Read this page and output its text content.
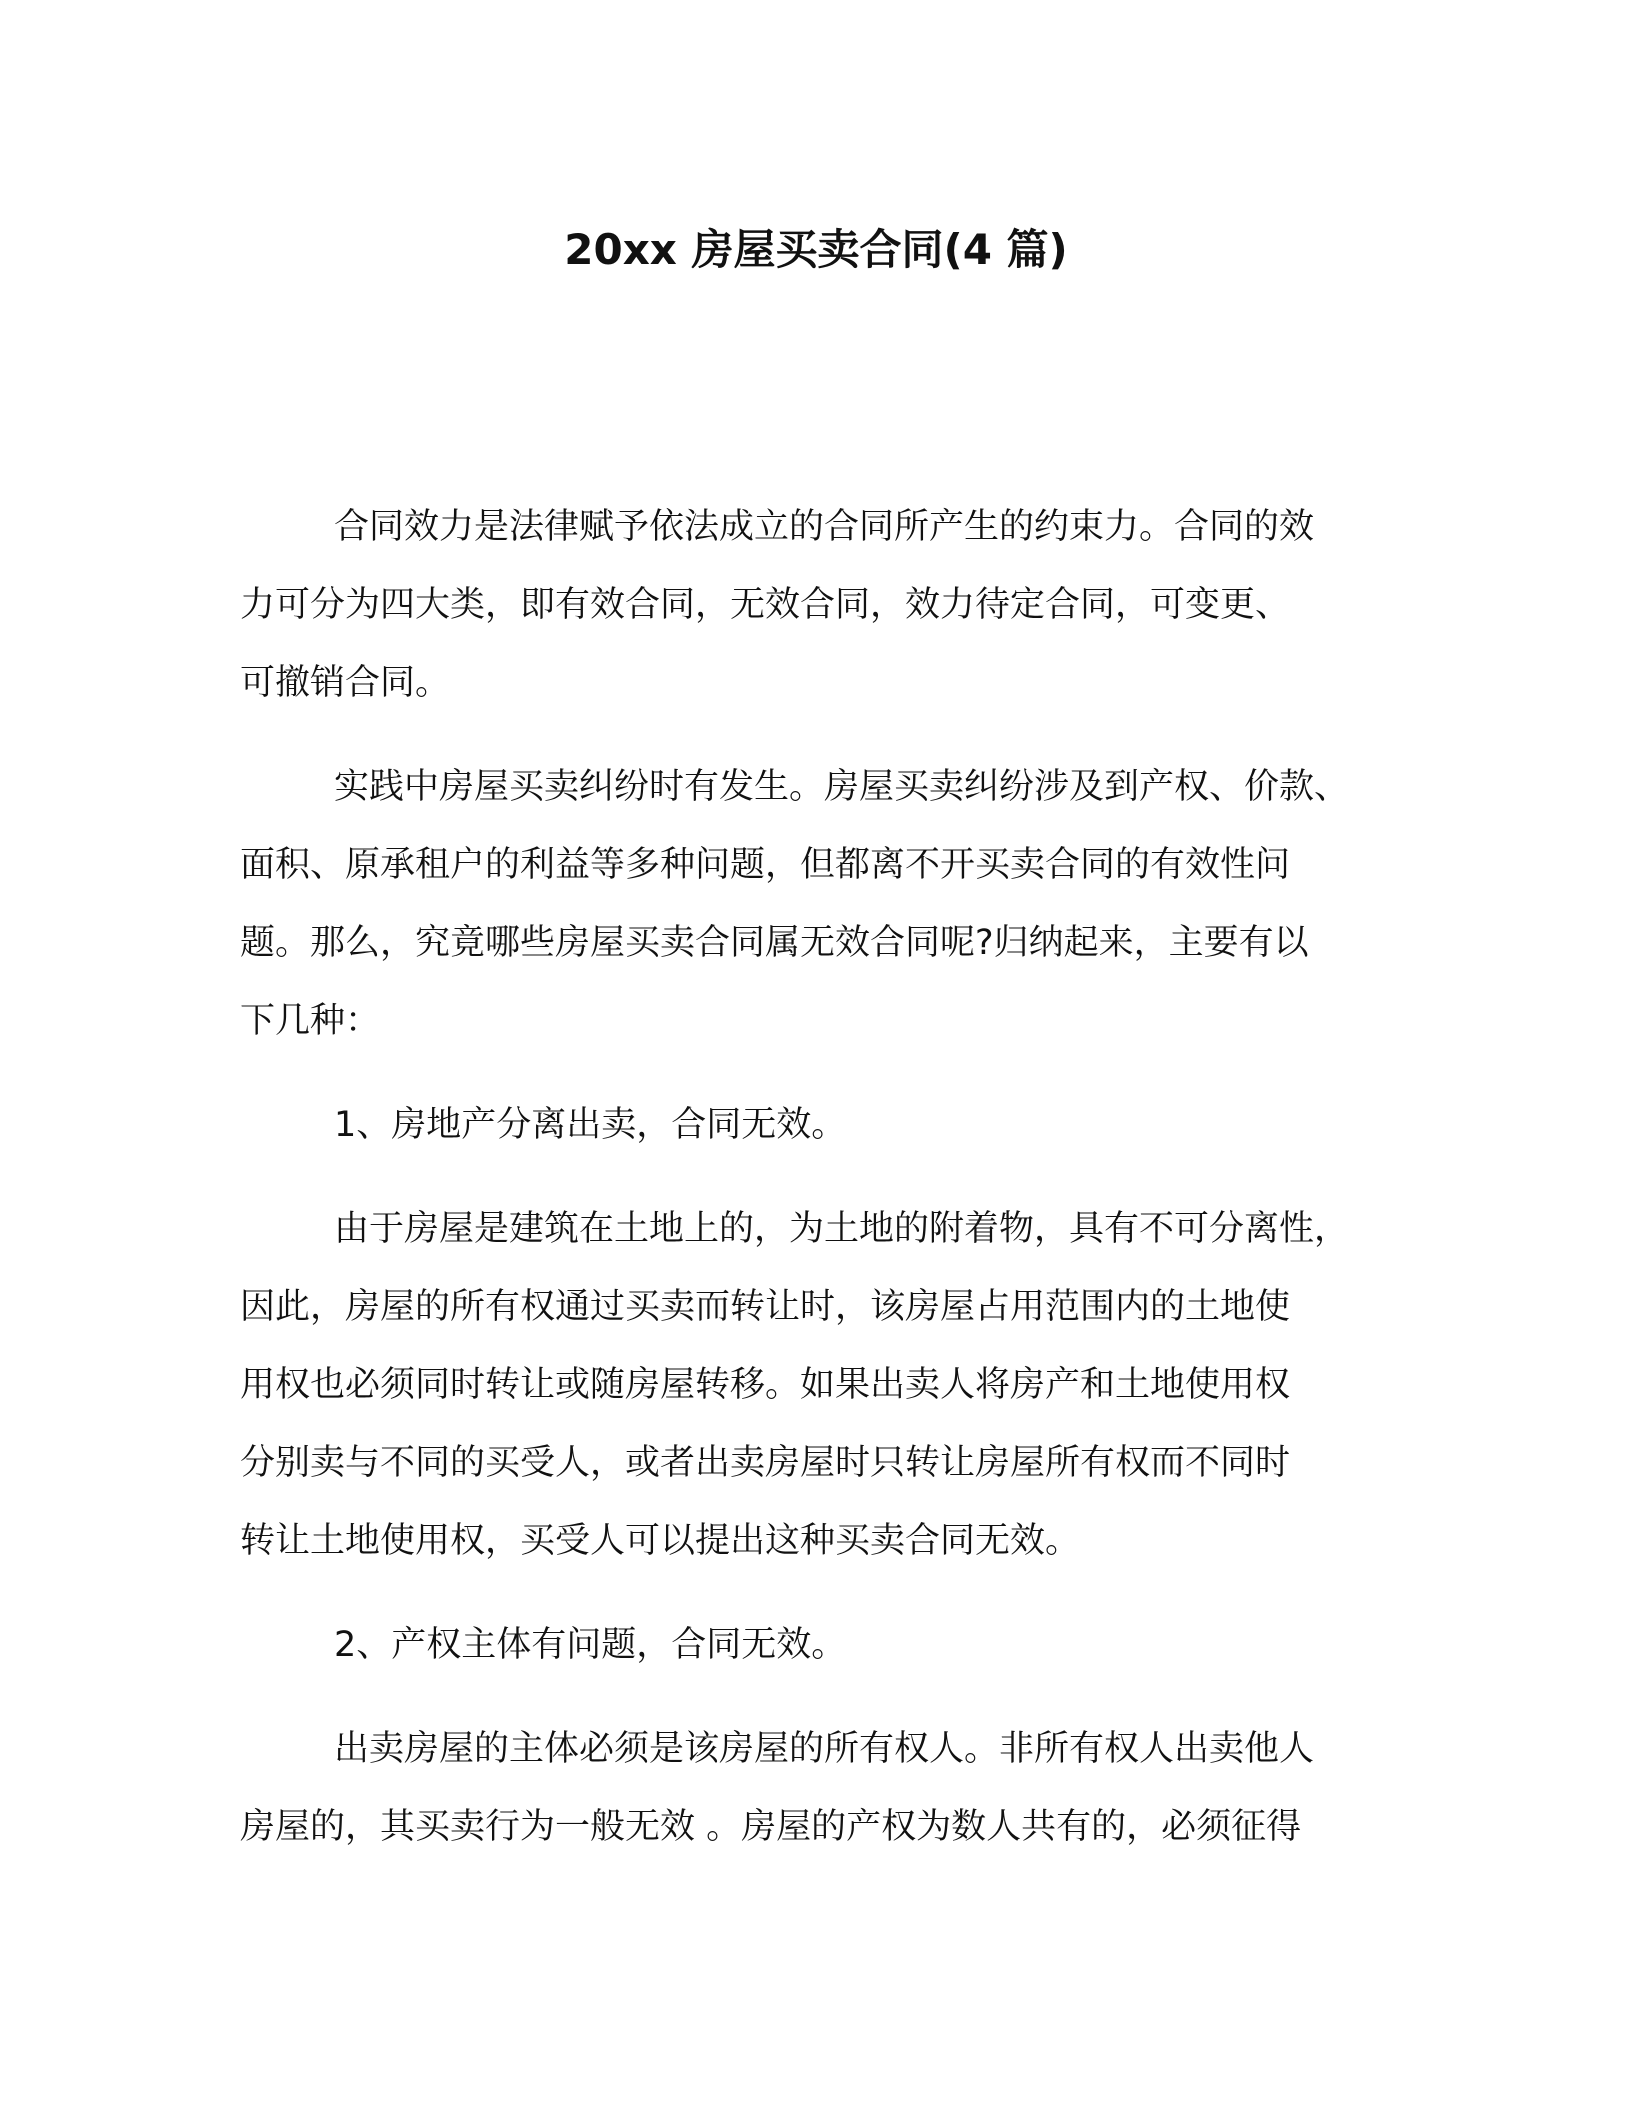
20xx 房屋买卖合同(4 篇)

合同效力是法律赋予依法成立的合同所产生的约束力。合同的效
力可分为四大类，即有效合同，无效合同，效力待定合同，可变更、
可撤销合同。

实践中房屋买卖纠纷时有发生。房屋买卖纠纷涉及到产权、价款、
面积、原承租户的利益等多种问题，但都离不开买卖合同的有效性问
题。那么，究竟哪些房屋买卖合同属无效合同呢?归纳起来，主要有以
下几种：

1、房地产分离出卖，合同无效。

由于房屋是建筑在土地上的，为土地的附着物，具有不可分离性，
因此，房屋的所有权通过买卖而转让时，该房屋占用范围内的土地使
用权也必须同时转让或随房屋转移。如果出卖人将房产和土地使用权
分别卖与不同的买受人，或者出卖房屋时只转让房屋所有权而不同时
转让土地使用权，买受人可以提出这种买卖合同无效。

2、产权主体有问题，合同无效。

出卖房屋的主体必须是该房屋的所有权人。非所有权人出卖他人
房屋的，其买卖行为一般无效 。房屋的产权为数人共有的，必须征得
